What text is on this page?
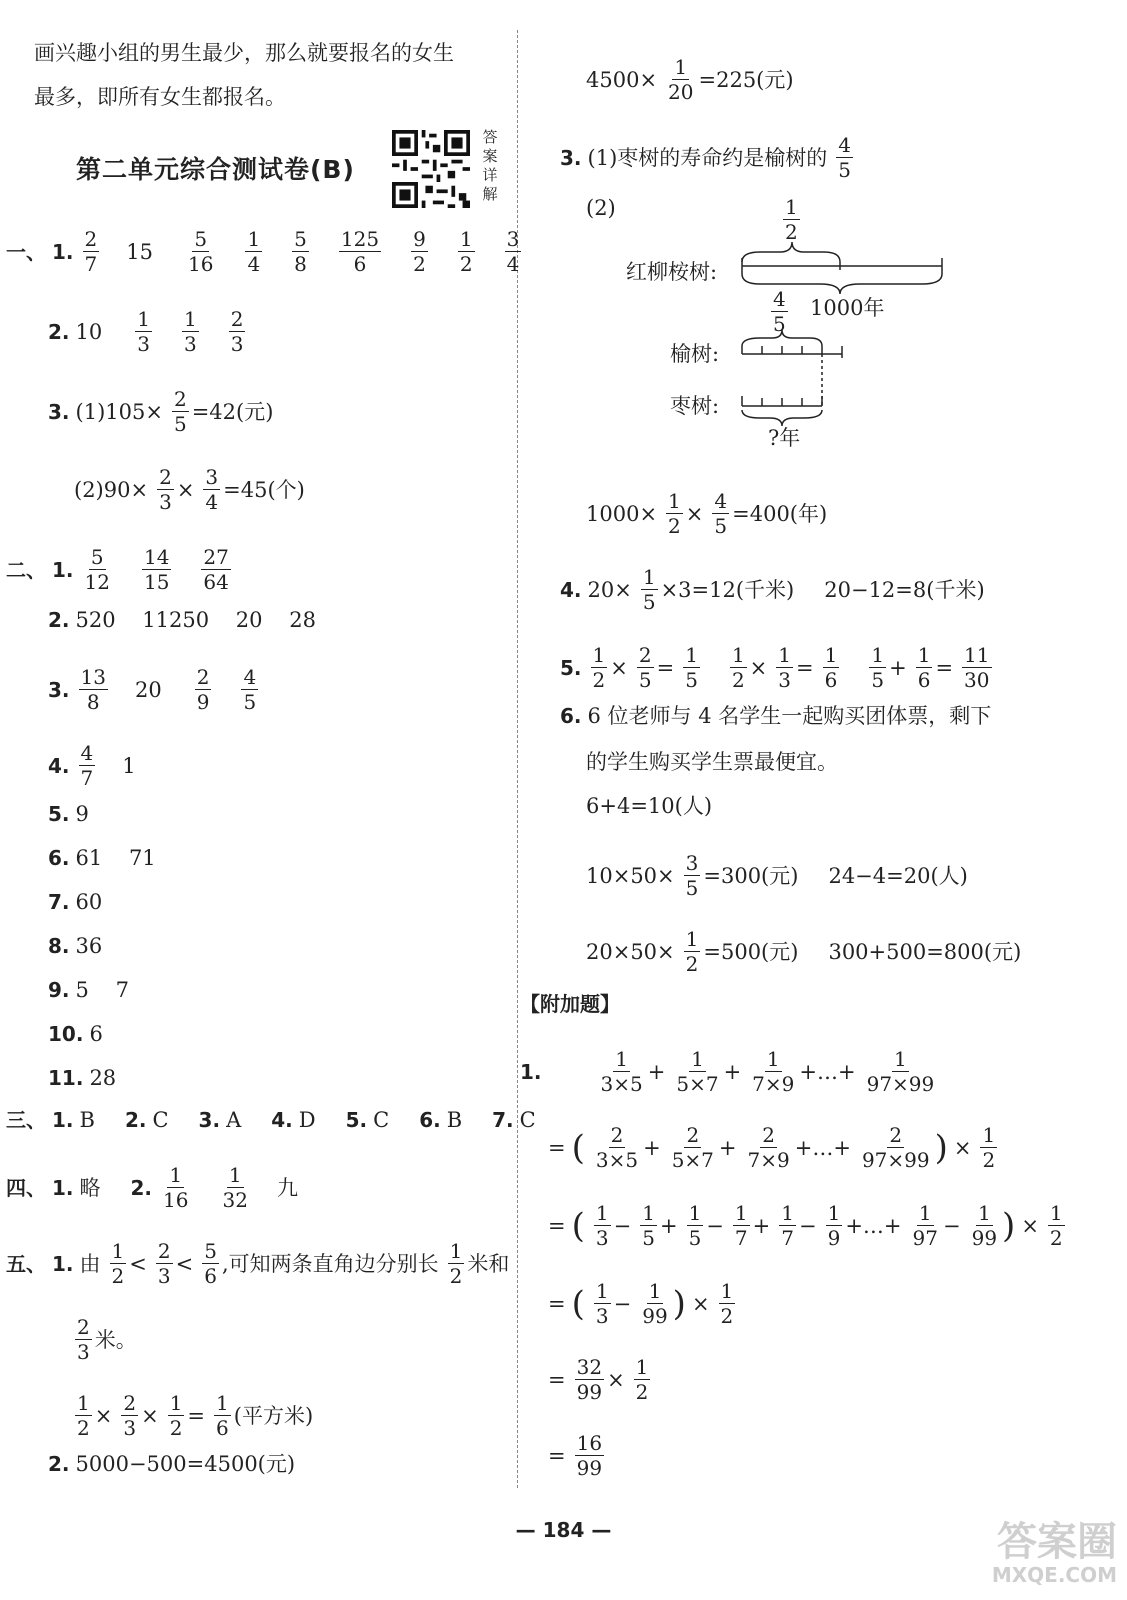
画兴趣小组的男生最少，那么就要报名的女生
最多，即所有女生都报名。
第二单元综合测试卷(B)
答案详解
一、 1.
2
7
15
5
16
1
4
5
8
125
6
9
2
1
2
3
4
2. 10
1
3
1
3
2
3
3. $(1)105\times \frac{2}{5} =42$(元)
$(2)90\times \frac{2}{3} \times \frac{3}{4} =45$(个)
二、 1.
5
12
14
15
27
64
2. 520    11250    20    28
3.
13
8
20
2
9
4
5
4.
4
7
1
5. 9
6. 61    71
7. 60
8. 36
9. 5    7
10. 6
11. 28
三、 1. B 2. C 3. A 4. D 5. C 6. B 7. C
四、 1. 略 2.
1
16
1
32
九
五、 1. 由
1
2
<
2
3
<
5
6
,可知两条直角边分别长
1
2
米和
2
3
米。
$\frac{1}{2} \times \frac{2}{3} \times \frac{1}{2} = \frac{1}{6}$ (平方米)
2. 5000−500=4500(元)
$4500\times \frac{1}{20} =225$(元)
3. (1)枣树的寿命约是榆树的
4
5
(2)	1
2
红柳桉树:
1000年
4
5
榆树:
枣树:
?年
$1000\times \frac{1}{2} \times \frac{4}{5} =400$(年)
4. $20\times \frac{1}{5} \times 3=12$(千米) 20−12=8(千米)
5. $\frac{1}{2} \times \frac{2}{5} = \frac{1}{5} \frac{1}{2} \times \frac{1}{3} = \frac{1}{6} 1$
5
+ $\frac{1}{6} = \frac{11}{30}$
6. 6 位老师与 4 名学生一起购买团体票，剩下
的学生购买学生票最便宜。
6+4=10(人)
$10\times 50\times \frac{3}{5} =300$(元) 24−4=20(人)
$20\times 50\times \frac{1}{2} =500$(元) 300+500=800(元)
【附加题】
1.
1
3×5
+ $\frac{1}{5\times 7} + \frac{1}{7\times 9}$ +…+ $\frac{1}{97\times 99}$
= ( 2
3×5
+ $\frac{2}{5\times 7} + \frac{2}{7\times 9}$ +…+ $\frac{2}{97\times 99}$ ) × $\frac{1}{2}$
= ( 1
3
− $\frac{1}{5} + \frac{1}{5} - \frac{1}{7} + \frac{1}{7} - \frac{1}{9}$ +…+ $\frac{1}{97} - \frac{1}{99}$ ) × $\frac{1}{2}$
= ( 1
3
− $\frac{1}{99}$ ) × $\frac{1}{2}$
= $\frac{32}{99} \times \frac{1}{2}$
= $\frac{16}{99}$
— 184 —	答案圈
MXQE.COM
